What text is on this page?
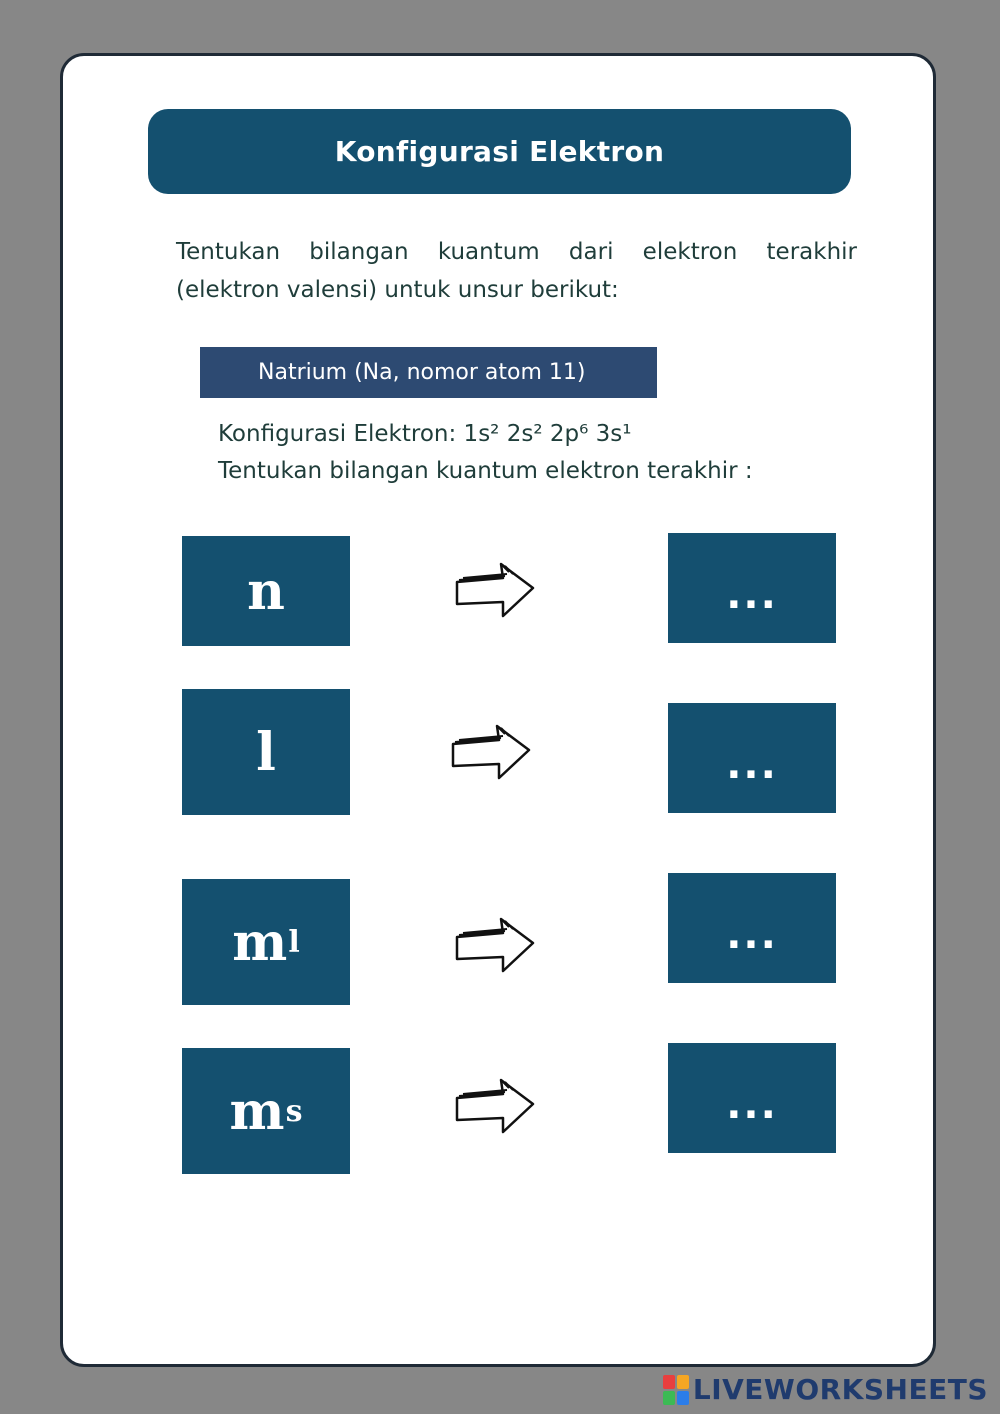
Konfigurasi Elektron

Tentukan bilangan kuantum dari elektron terakhir (elektron valensi) untuk unsur berikut:

Natrium (Na, nomor atom 11)

Konfigurasi Elektron: 1s² 2s² 2p⁶ 3s¹

Tentukan bilangan kuantum elektron terakhir :

n	...
l	...
m l	...
m s	...
LIVEWORKSHEETS
